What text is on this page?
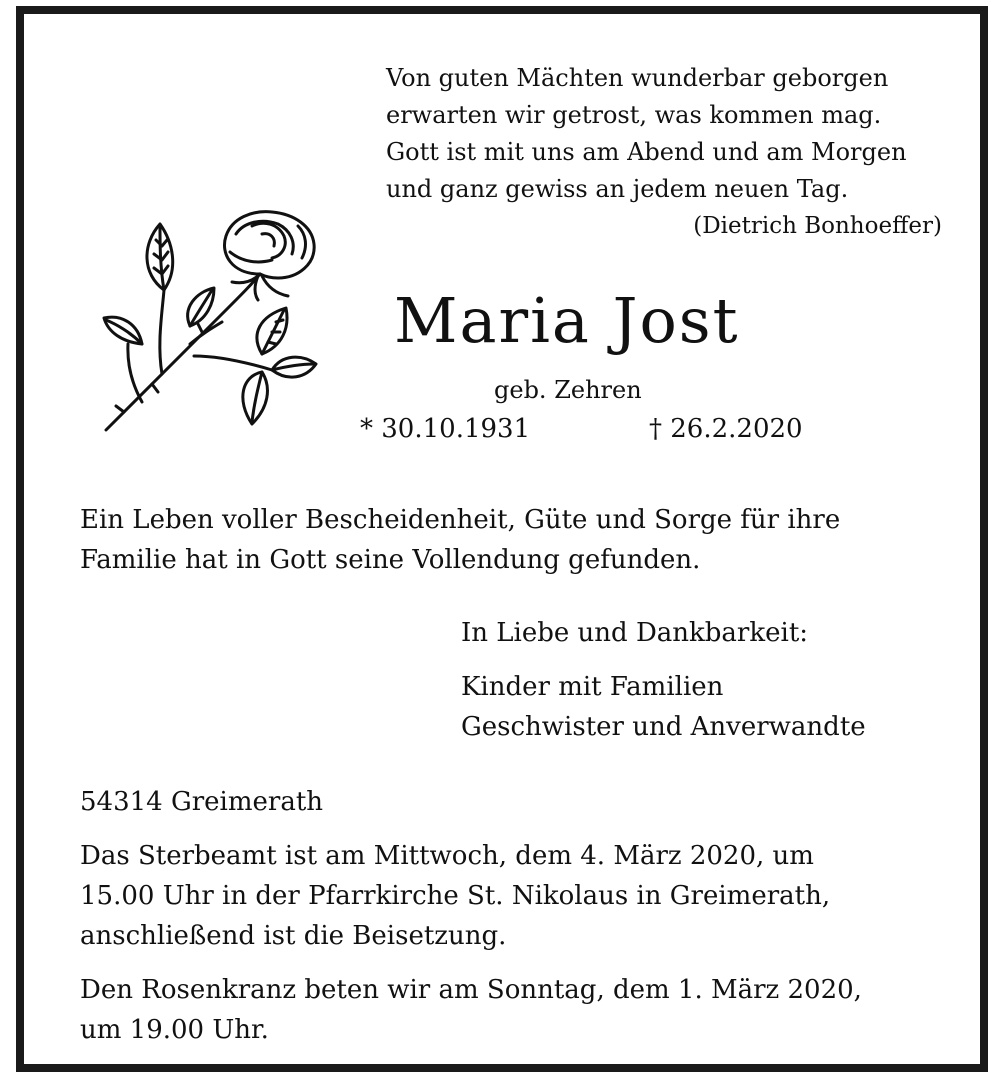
Von guten Mächten wunderbar geborgen
erwarten wir getrost, was kommen mag.
Gott ist mit uns am Abend und am Morgen
und ganz gewiss an jedem neuen Tag.
(Dietrich Bonhoeffer)
Maria Jost
geb. Zehren
* 30.10.1931	† 26.2.2020
Ein Leben voller Bescheidenheit, Güte und Sorge für ihre
Familie hat in Gott seine Vollendung gefunden.
In Liebe und Dankbarkeit:
Kinder mit Familien
Geschwister und Anverwandte
54314 Greimerath
Das Sterbeamt ist am Mittwoch, dem 4. März 2020, um
15.00 Uhr in der Pfarrkirche St. Nikolaus in Greimerath,
anschließend ist die Beisetzung.
Den Rosenkranz beten wir am Sonntag, dem 1. März 2020,
um 19.00 Uhr.
